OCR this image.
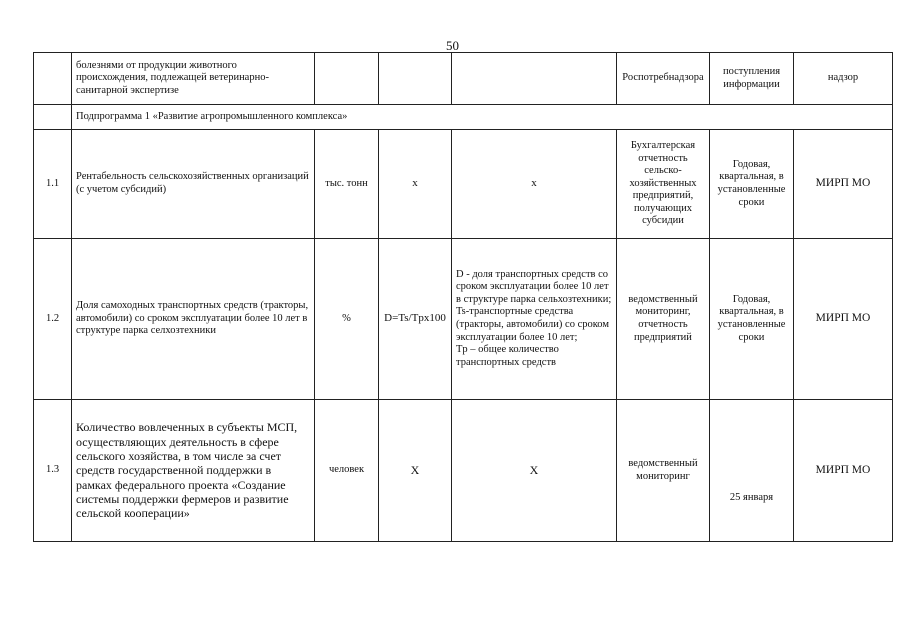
50
	болезнями от продукции животного происхождения, подлежащей ветеринарно-санитарной экспертизе				Роспотребнадзора	поступления информации	надзор
	Подпрограмма 1 «Развитие агропромышленного комплекса»						
1.1	Рентабельность сельскохозяйственных организаций (с учетом субсидий)	тыс. тонн	х	х	Бухгалтерская отчетность сельско-хозяйственных предприятий, получающих субсидии	Годовая, квартальная, в установленные сроки	МИРП МО
1.2	Доля самоходных транспортных средств (тракторы, автомобили) со сроком эксплуатации более 10 лет в структуре парка селхозтехники	%	D=Ts/Tpx100	D - доля транспортных средств со сроком эксплуатации более 10 лет в структуре парка сельхозтехники;
Ts-транспортные средства (тракторы, автомобили) со сроком эксплуатации более 10 лет;
Tp – общее количество транспортных средств	ведомственный мониторинг, отчетность предприятий	Годовая, квартальная, в установленные сроки	МИРП МО
1.3	Количество вовлеченных в субъекты МСП, осуществляющих деятельность в сфере сельского хозяйства, в том числе за счет средств государственной поддержки в рамках федерального проекта «Создание системы поддержки фермеров и развитие сельской кооперации»	человек	Х	Х	ведомственный мониторинг	25 января	МИРП МО
